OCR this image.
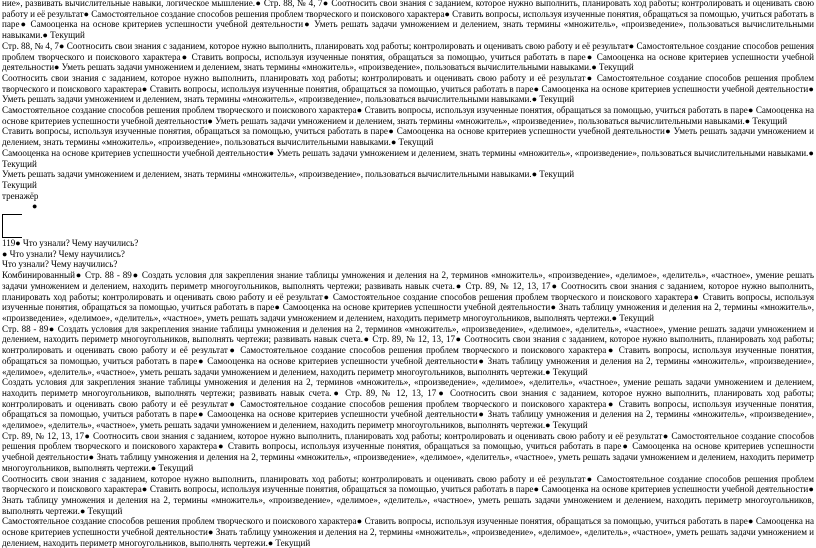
ние», развивать вычислительные навыки, логическое мышление.● Стр. 88, № 4, 7● Соотносить свои знания с заданием, которое нужно выполнить, планировать ход работы; контролировать и оценивать свою работу и её результат● Самостоятельное создание способов решения проблем творческого и поискового характера● Ставить вопросы, используя изученные понятия, обращаться за помощью, учиться работать в паре● Самооценка на основе критериев успешности учебной деятельности● Уметь решать задачи умножением и делением, знать термины «множитель», «произведение», пользоваться вычислительными навыками.● Текущий

Стр. 88, № 4, 7● Соотносить свои знания с заданием, которое нужно выполнить, планировать ход работы; контролировать и оценивать свою работу и её результат● Самостоятельное создание способов решения проблем творческого и поискового характера● Ставить вопросы, используя изученные понятия, обращаться за помощью, учиться работать в паре● Самооценка на основе критериев успешности учебной деятельности● Уметь решать задачи умножением и делением, знать термины «множитель», «произведение», пользоваться вычислительными навыками.● Текущий

Соотносить свои знания с заданием, которое нужно выполнить, планировать ход работы; контролировать и оценивать свою работу и её результат● Самостоятельное создание способов решения проблем творческого и поискового характера● Ставить вопросы, используя изученные понятия, обращаться за помощью, учиться работать в паре● Самооценка на основе критериев успешности учебной деятельности● Уметь решать задачи умножением и делением, знать термины «множитель», «произведение», пользоваться вычислительными навыками.● Текущий

Самостоятельное создание способов решения проблем творческого и поискового характера● Ставить вопросы, используя изученные понятия, обращаться за помощью, учиться работать в паре● Самооценка на основе критериев успешности учебной деятельности● Уметь решать задачи умножением и делением, знать термины «множитель», «произведение», пользоваться вычислительными навыками.● Текущий

Ставить вопросы, используя изученные понятия, обращаться за помощью, учиться работать в паре● Самооценка на основе критериев успешности учебной деятельности● Уметь решать задачи умножением и делением, знать термины «множитель», «произведение», пользоваться вычислительными навыками.● Текущий

Самооценка на основе критериев успешности учебной деятельности● Уметь решать задачи умножением и делением, знать термины «множитель», «произведение», пользоваться вычислительными навыками.● Текущий

Уметь решать задачи умножением и делением, знать термины «множитель», «произведение», пользоваться вычислительными навыками.● Текущий

Текущий

тренажёр

●

119● Что узнали? Чему научились?

● Что узнали? Чему научились?

Что узнали? Чему научились?

Комбинированный● Стр. 88 - 89● Создать условия для закрепления знание таблицы умножения и деления на 2, терминов «множитель», «произведение», «делимое», «делитель», «частное», умение решать задачи умножением и делением, находить периметр многоугольников, выполнять чертежи; развивать навык счета.● Стр. 89, № 12, 13, 17● Соотносить свои знания с заданием, которое нужно выполнить, планировать ход работы; контролировать и оценивать свою работу и её результат● Самостоятельное создание способов решения проблем творческого и поискового характера● Ставить вопросы, используя изученные понятия, обращаться за помощью, учиться работать в паре● Самооценка на основе критериев успешности учебной деятельности● Знать таблицу умножения и деления на 2, термины «множитель», «произведение», «делимое», «делитель», «частное», уметь решать задачи умножением и делением, находить периметр многоугольников, выполнять чертежи.● Текущий

Стр. 88 - 89● Создать условия для закрепления знание таблицы умножения и деления на 2, терминов «множитель», «произведение», «делимое», «делитель», «частное», умение решать задачи умножением и делением, находить периметр многоугольников, выполнять чертежи; развивать навык счета.● Стр. 89, № 12, 13, 17● Соотносить свои знания с заданием, которое нужно выполнить, планировать ход работы; контролировать и оценивать свою работу и её результат● Самостоятельное создание способов решения проблем творческого и поискового характера● Ставить вопросы, используя изученные понятия, обращаться за помощью, учиться работать в паре● Самооценка на основе критериев успешности учебной деятельности● Знать таблицу умножения и деления на 2, термины «множитель», «произведение», «делимое», «делитель», «частное», уметь решать задачи умножением и делением, находить периметр многоугольников, выполнять чертежи.● Текущий

Создать условия для закрепления знание таблицы умножения и деления на 2, терминов «множитель», «произведение», «делимое», «делитель», «частное», умение решать задачи умножением и делением, находить периметр многоугольников, выполнять чертежи; развивать навык счета.● Стр. 89, № 12, 13, 17● Соотносить свои знания с заданием, которое нужно выполнить, планировать ход работы; контролировать и оценивать свою работу и её результат● Самостоятельное создание способов решения проблем творческого и поискового характера● Ставить вопросы, используя изученные понятия, обращаться за помощью, учиться работать в паре● Самооценка на основе критериев успешности учебной деятельности● Знать таблицу умножения и деления на 2, термины «множитель», «произведение», «делимое», «делитель», «частное», уметь решать задачи умножением и делением, находить периметр многоугольников, выполнять чертежи.● Текущий

Стр. 89, № 12, 13, 17● Соотносить свои знания с заданием, которое нужно выполнить, планировать ход работы; контролировать и оценивать свою работу и её результат● Самостоятельное создание способов решения проблем творческого и поискового характера● Ставить вопросы, используя изученные понятия, обращаться за помощью, учиться работать в паре● Самооценка на основе критериев успешности учебной деятельности● Знать таблицу умножения и деления на 2, термины «множитель», «произведение», «делимое», «делитель», «частное», уметь решать задачи умножением и делением, находить периметр многоугольников, выполнять чертежи.● Текущий

Соотносить свои знания с заданием, которое нужно выполнить, планировать ход работы; контролировать и оценивать свою работу и её результат● Самостоятельное создание способов решения проблем творческого и поискового характера● Ставить вопросы, используя изученные понятия, обращаться за помощью, учиться работать в паре● Самооценка на основе критериев успешности учебной деятельности● Знать таблицу умножения и деления на 2, термины «множитель», «произведение», «делимое», «делитель», «частное», уметь решать задачи умножением и делением, находить периметр многоугольников, выполнять чертежи.● Текущий

Самостоятельное создание способов решения проблем творческого и поискового характера● Ставить вопросы, используя изученные понятия, обращаться за помощью, учиться работать в паре● Самооценка на основе критериев успешности учебной деятельности● Знать таблицу умножения и деления на 2, термины «множитель», «произведение», «делимое», «делитель», «частное», уметь решать задачи умножением и делением, находить периметр многоугольников, выполнять чертежи.● Текущий
